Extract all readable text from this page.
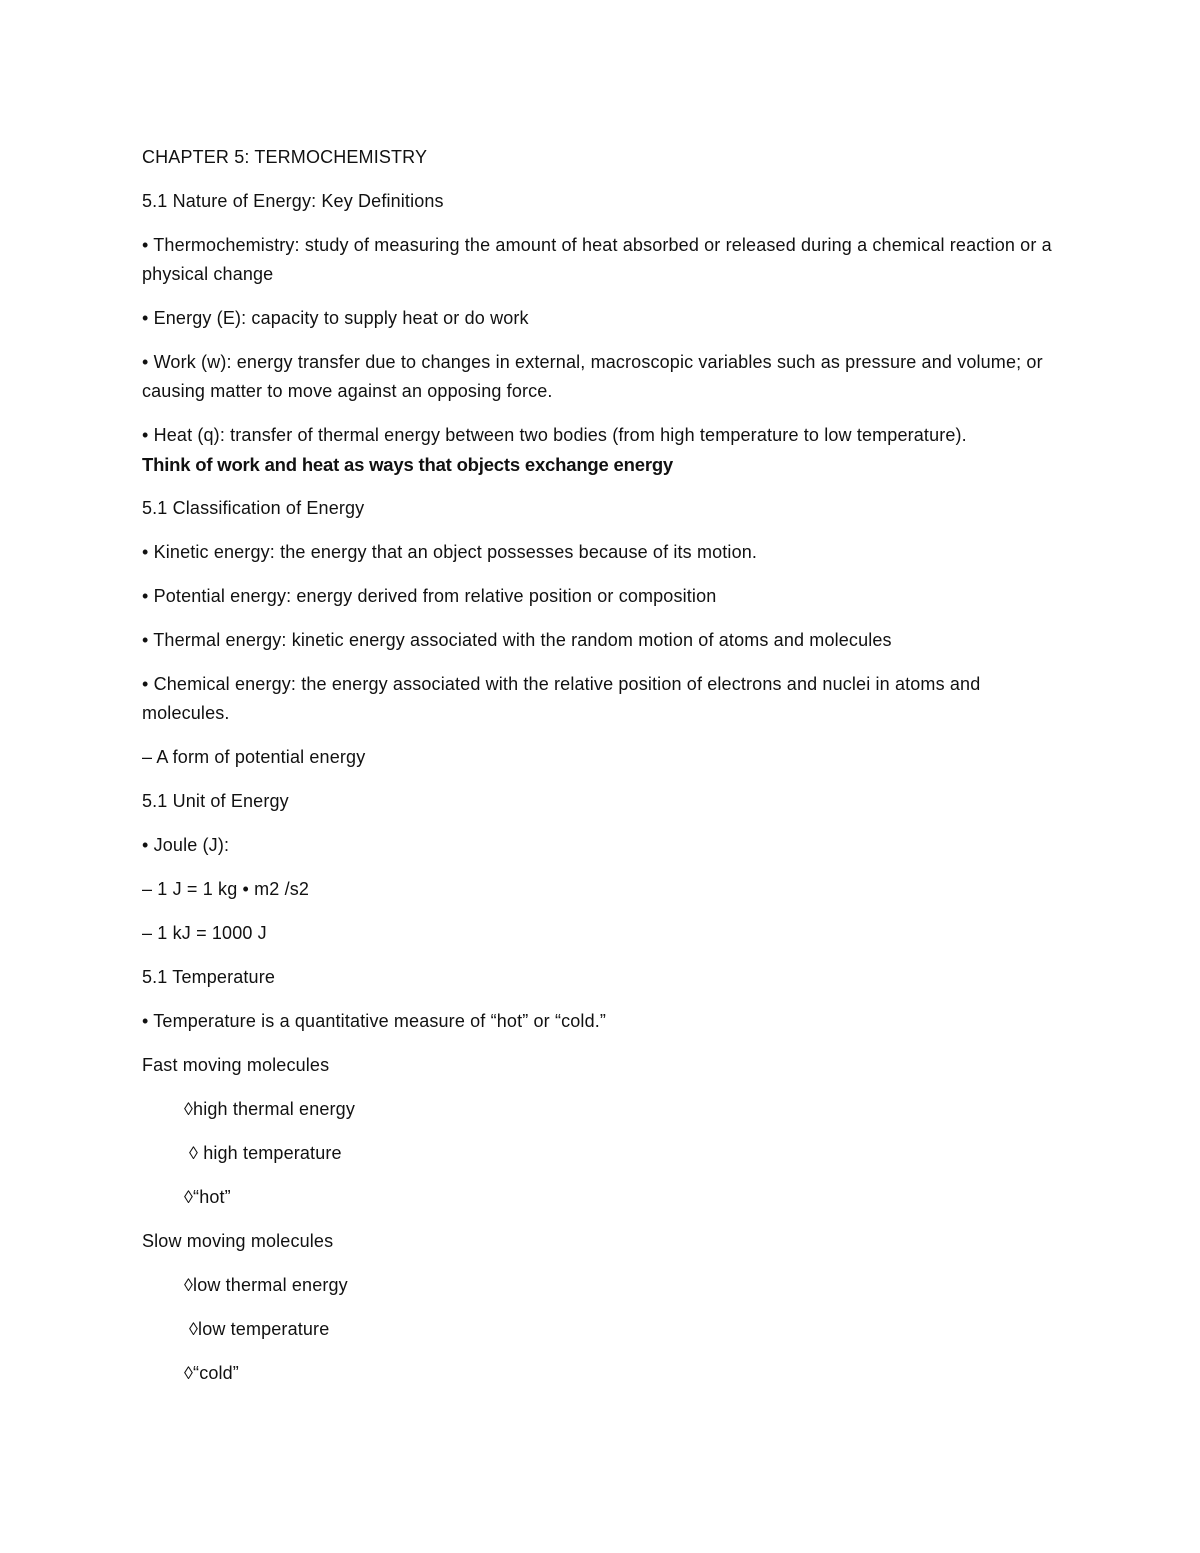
CHAPTER 5: TERMOCHEMISTRY

5.1 Nature of Energy: Key Definitions

• Thermochemistry: study of measuring the amount of heat absorbed or released during a chemical reaction or a physical change

• Energy (E): capacity to supply heat or do work

• Work (w): energy transfer due to changes in external, macroscopic variables such as pressure and volume; or causing matter to move against an opposing force.

• Heat (q): transfer of thermal energy between two bodies (from high temperature to low temperature).

Think of work and heat as ways that objects exchange energy

5.1 Classification of Energy

• Kinetic energy: the energy that an object possesses because of its motion.

• Potential energy: energy derived from relative position or composition

• Thermal energy: kinetic energy associated with the random motion of atoms and molecules

• Chemical energy: the energy associated with the relative position of electrons and nuclei in atoms and molecules.

– A form of potential energy

5.1 Unit of Energy

• Joule (J):

– 1 J = 1 kg • m2 /s2

– 1 kJ = 1000 J

5.1 Temperature

• Temperature is a quantitative measure of “hot” or “cold.”

Fast moving molecules

◊high thermal energy

◊ high temperature

◊“hot”

Slow moving molecules

◊low thermal energy

◊low temperature

◊“cold”
